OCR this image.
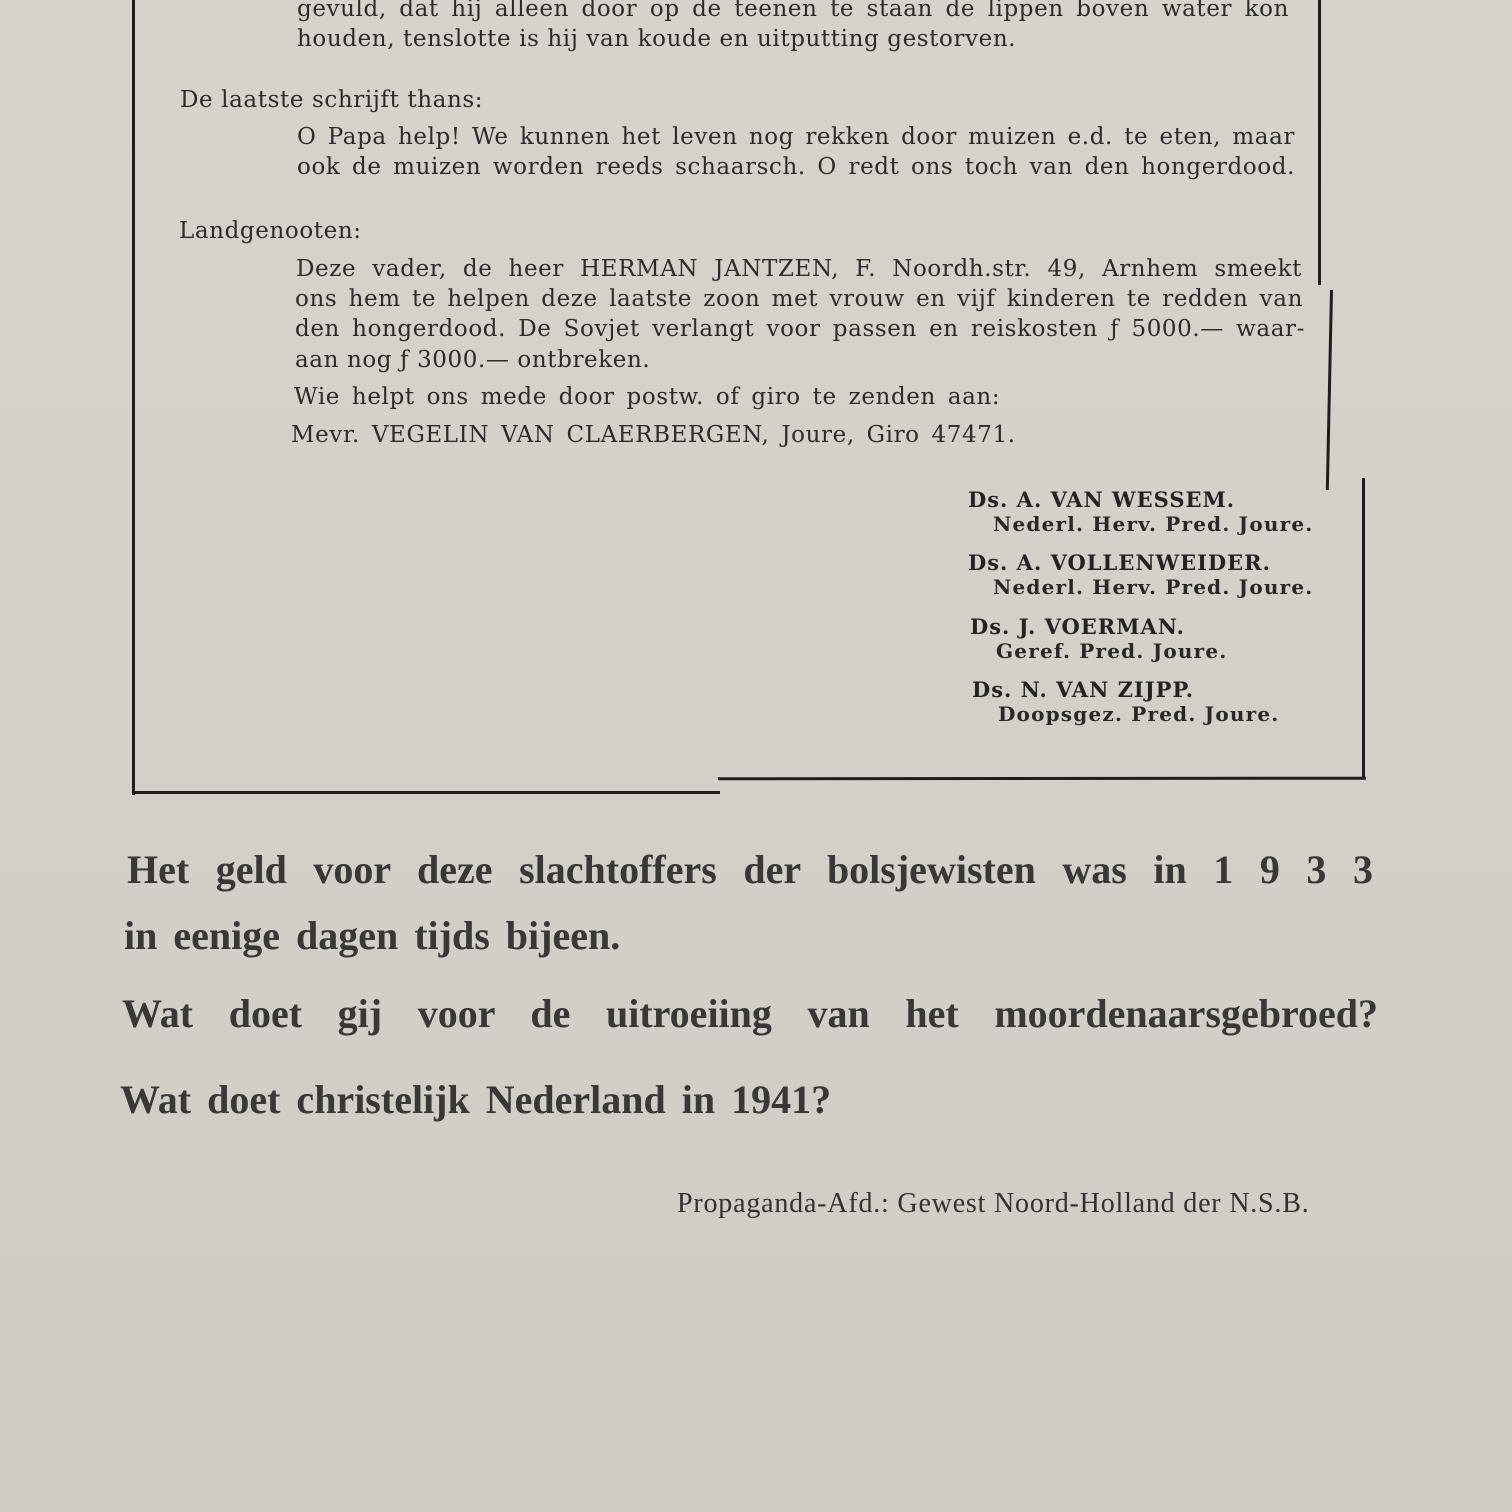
gevuld, dat hij alleen door op de teenen te staan de lippen boven water kon
houden, tenslotte is hij van koude en uitputting gestorven.
De laatste schrijft thans:
O Papa help! We kunnen het leven nog rekken door muizen e.d. te eten, maar
ook de muizen worden reeds schaarsch. O redt ons toch van den hongerdood.
Landgenooten:
Deze vader, de heer HERMAN JANTZEN, F. Noordh.str. 49, Arnhem smeekt
ons hem te helpen deze laatste zoon met vrouw en vijf kinderen te redden van
den hongerdood. De Sovjet verlangt voor passen en reiskosten ƒ 5000.— waar-
aan nog ƒ 3000.— ontbreken.
Wie helpt ons mede door postw. of giro te zenden aan:
Mevr. VEGELIN VAN CLAERBERGEN, Joure, Giro 47471.
Ds. A. VAN WESSEM.
Nederl. Herv. Pred. Joure.
Ds. A. VOLLENWEIDER.
Nederl. Herv. Pred. Joure.
Ds. J. VOERMAN.
Geref. Pred. Joure.
Ds. N. VAN ZIJPP.
Doopsgez. Pred. Joure.
Het geld voor deze slachtoffers der bolsjewisten was in 1 9 3 3
in eenige dagen tijds bijeen.
Wat doet gij voor de uitroeiing van het moordenaarsgebroed?
Wat doet christelijk Nederland in 1941?
Propaganda-Afd.: Gewest Noord-Holland der N.S.B.
